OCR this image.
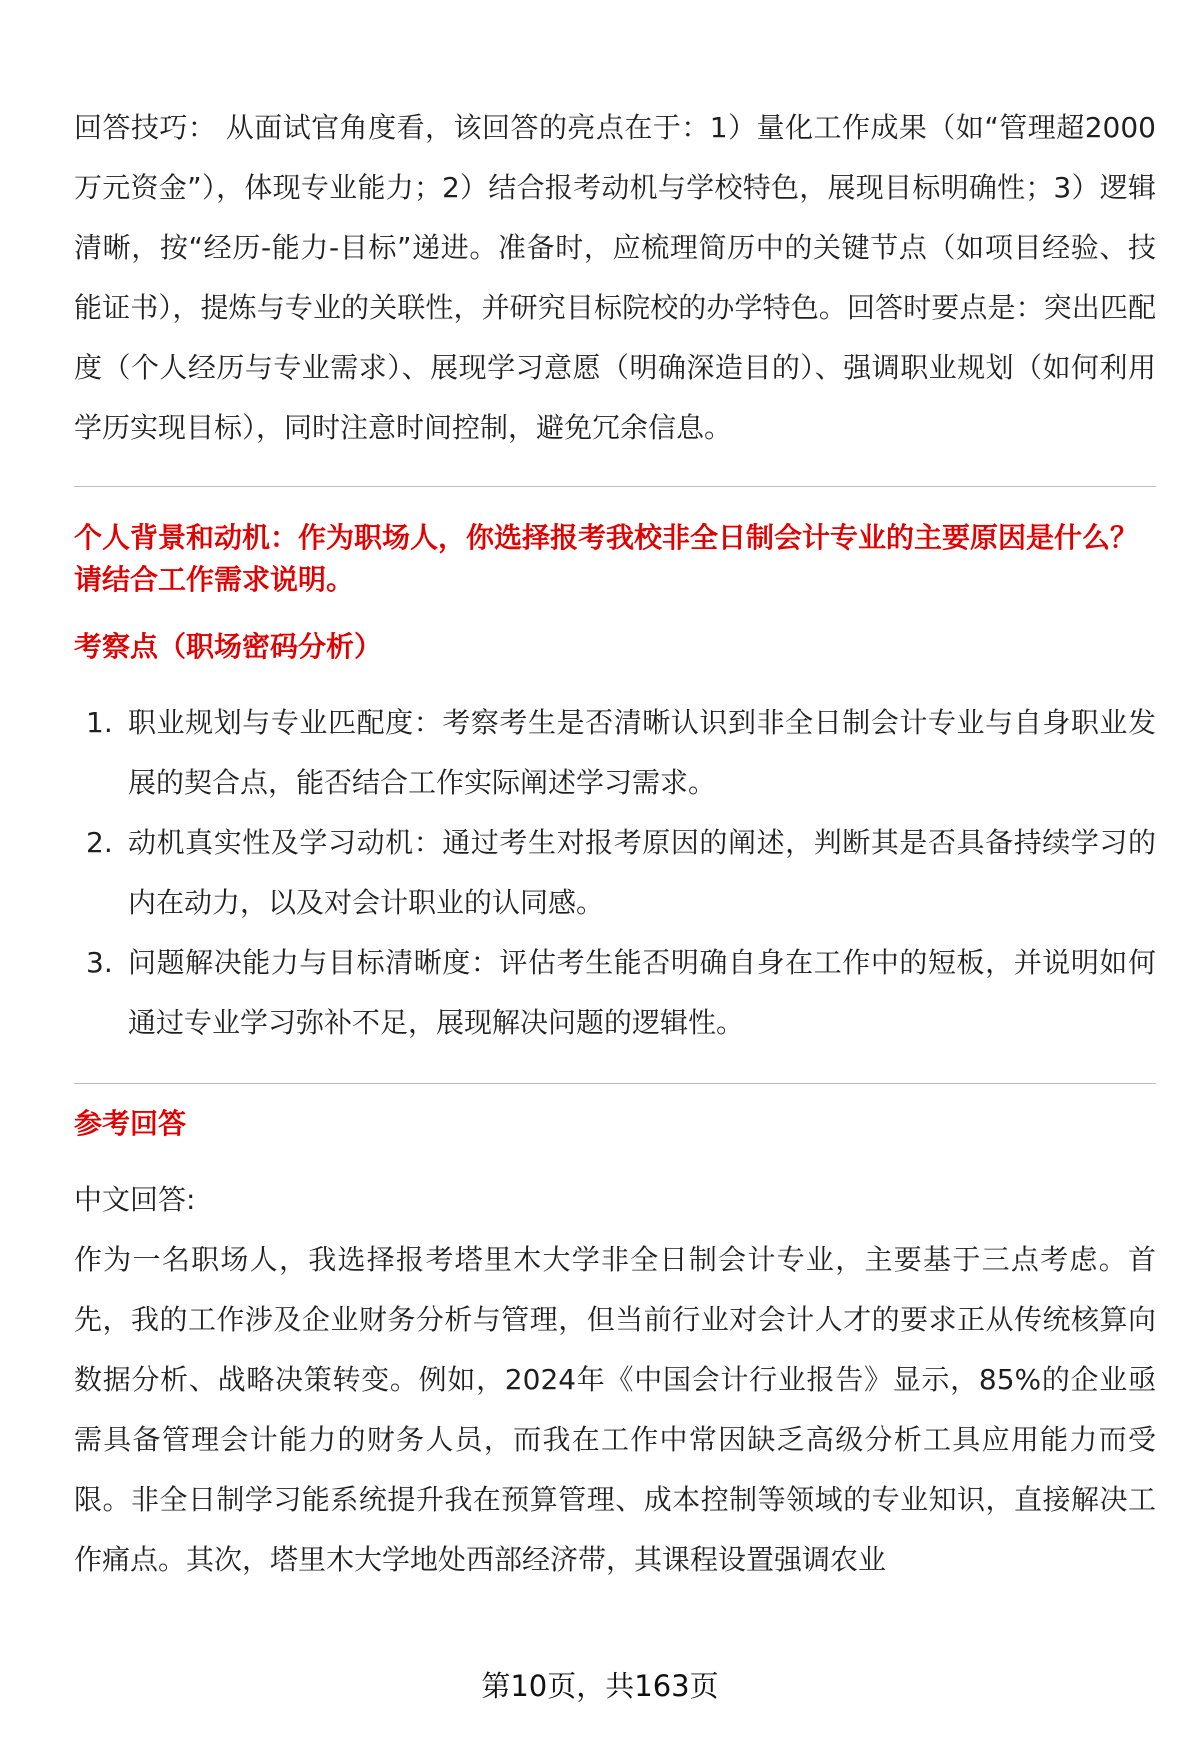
回答技巧： 从面试官角度看，该回答的亮点在于：1）量化工作成果（如“管理超2000万元资金”），体现专业能力；2）结合报考动机与学校特色，展现目标明确性；3）逻辑清晰，按“经历-能力-目标”递进。准备时，应梳理简历中的关键节点（如项目经验、技能证书），提炼与专业的关联性，并研究目标院校的办学特色。回答时要点是：突出匹配度（个人经历与专业需求）、展现学习意愿（明确深造目的）、强调职业规划（如何利用学历实现目标），同时注意时间控制，避免冗余信息。

个人背景和动机：作为职场人，你选择报考我校非全日制会计专业的主要原因是什么？请结合工作需求说明。

考察点（职场密码分析）

1. 职业规划与专业匹配度：考察考生是否清晰认识到非全日制会计专业与自身职业发展的契合点，能否结合工作实际阐述学习需求。
2. 动机真实性及学习动机：通过考生对报考原因的阐述，判断其是否具备持续学习的内在动力，以及对会计职业的认同感。
3. 问题解决能力与目标清晰度：评估考生能否明确自身在工作中的短板，并说明如何通过专业学习弥补不足，展现解决问题的逻辑性。

参考回答

中文回答:

作为一名职场人，我选择报考塔里木大学非全日制会计专业，主要基于三点考虑。首先，我的工作涉及企业财务分析与管理，但当前行业对会计人才的要求正从传统核算向数据分析、战略决策转变。例如，2024年《中国会计行业报告》显示，85%的企业亟需具备管理会计能力的财务人员，而我在工作中常因缺乏高级分析工具应用能力而受限。非全日制学习能系统提升我在预算管理、成本控制等领域的专业知识，直接解决工作痛点。其次，塔里木大学地处西部经济带，其课程设置强调农业

第10页，共163页
